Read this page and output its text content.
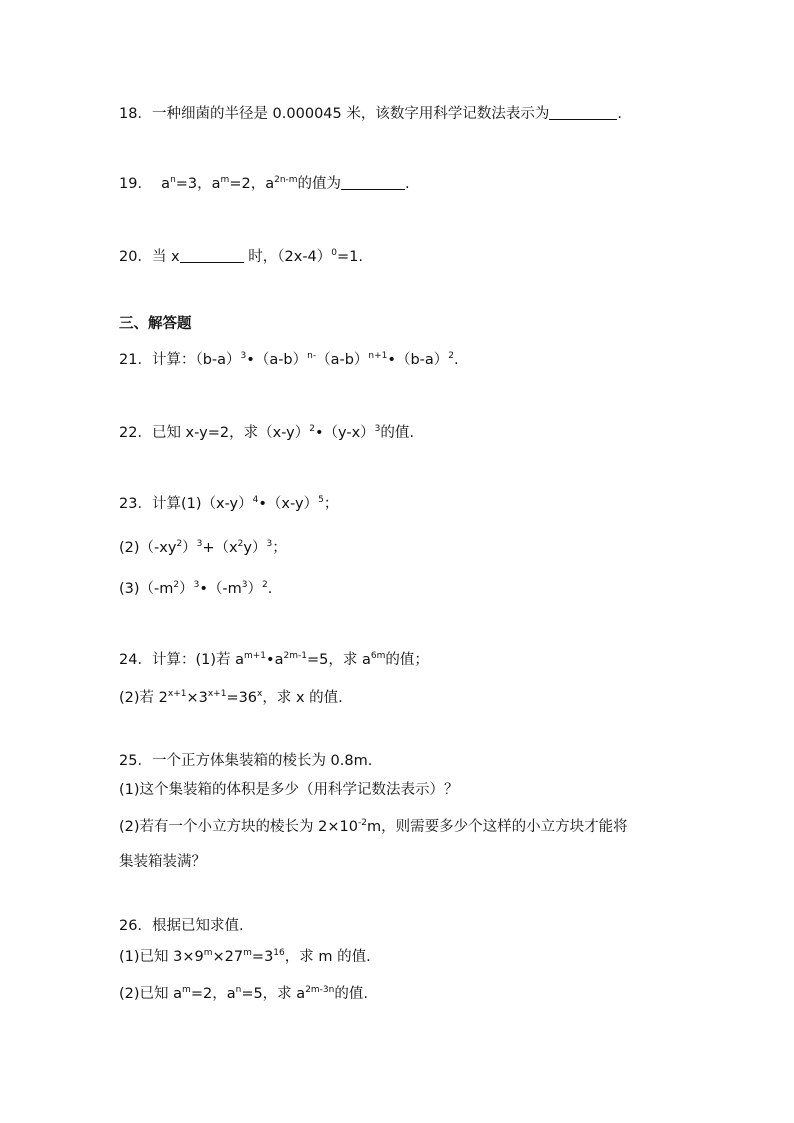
18．一种细菌的半径是 0.000045 米，该数字用科学记数法表示为	.
19． $a^n=3$，$a^m=2$，$a^{2n-m}$的值为	.
20．当 x	时，$(2x-4)^0=1$.
三、解答题
21．计算：$(b-a)^3•(a-b)^{n-}(a-b)^{n+1}•(b-a)^2$.
22．已知 x-y=2，求$(x-y)^2•(y-x)^3$的值.
23．计算$(1)(x-y)^4•(x-y)^5$；
$(2)(-xy^2)^3+(x^2y)^3$；
$(3)(-m^2)^3•(-m^3)^2$.
24．计算：(1)若 $a^{m+1}•a^{2m-1}=5$，求 $a^{6m}$的值；
(2)若 $2^{x+1}\times 3^{x+1}=36^x$，求 x 的值.
25．一个正方体集装箱的棱长为 0.8m.
(1)这个集装箱的体积是多少（用科学记数法表示）？
(2)若有一个小立方块的棱长为 $2\times 10^{-2}m$，则需要多少个这样的小立方块才能将
集装箱装满？
26．根据已知求值.
(1)已知 $3\times 9^m\times 27^m=3^{16}$，求 m 的值.
(2)已知 $a^m=2$，$a^n=5$，求 $a^{2m-3n}$的值.
